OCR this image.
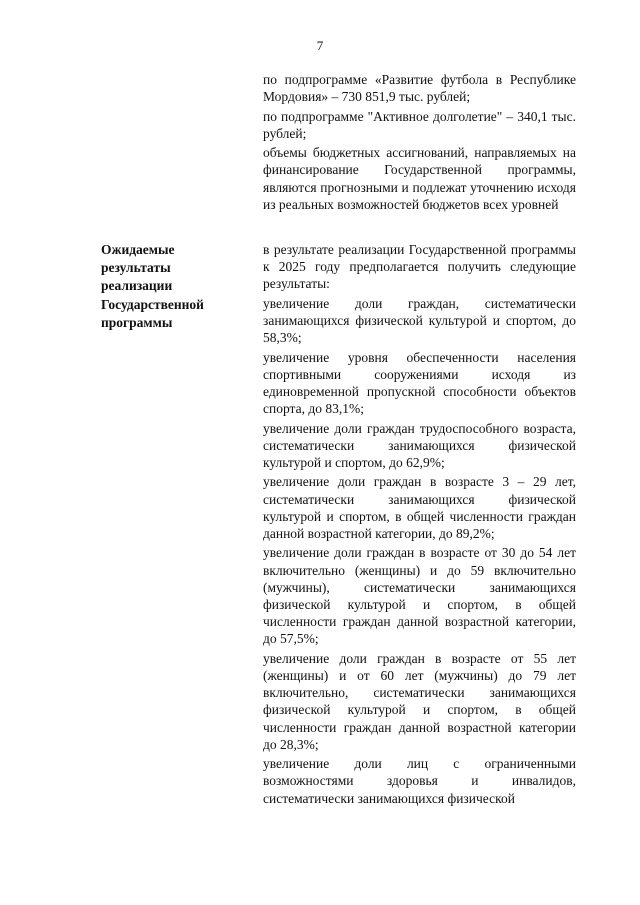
7

по подпрограмме «Развитие футбола в Республике Мордовия» – 730 851,9 тыс. рублей;

по подпрограмме "Активное долголетие" – 340,1 тыс. рублей;

объемы бюджетных ассигнований, направляемых на финансирование Государственной программы, являются прогнозными и подлежат уточнению исходя из реальных возможностей бюджетов всех уровней

Ожидаемые
результаты
реализации
Государственной
программы

в результате реализации Государственной программы к 2025 году предполагается получить следующие результаты:

увеличение доли граждан, систематически занимающихся физической культурой и спортом, до 58,3%;

увеличение уровня обеспеченности населения спортивными сооружениями исходя из единовременной пропускной способности объектов спорта, до 83,1%;

увеличение доли граждан трудоспособного возраста, систематически занимающихся физической культурой и спортом, до 62,9%;

увеличение доли граждан в возрасте 3 – 29 лет, систематически занимающихся физической культурой и спортом, в общей численности граждан данной возрастной категории, до 89,2%;

увеличение доли граждан в возрасте от 30 до 54 лет включительно (женщины) и до 59 включительно (мужчины), систематически занимающихся физической культурой и спортом, в общей численности граждан данной возрастной категории, до 57,5%;

увеличение доли граждан в возрасте от 55 лет (женщины) и от 60 лет (мужчины) до 79 лет включительно, систематически занимающихся физической культурой и спортом, в общей численности граждан данной возрастной категории до 28,3%;

увеличение доли лиц с ограниченными возможностями здоровья и инвалидов, систематически занимающихся физической
